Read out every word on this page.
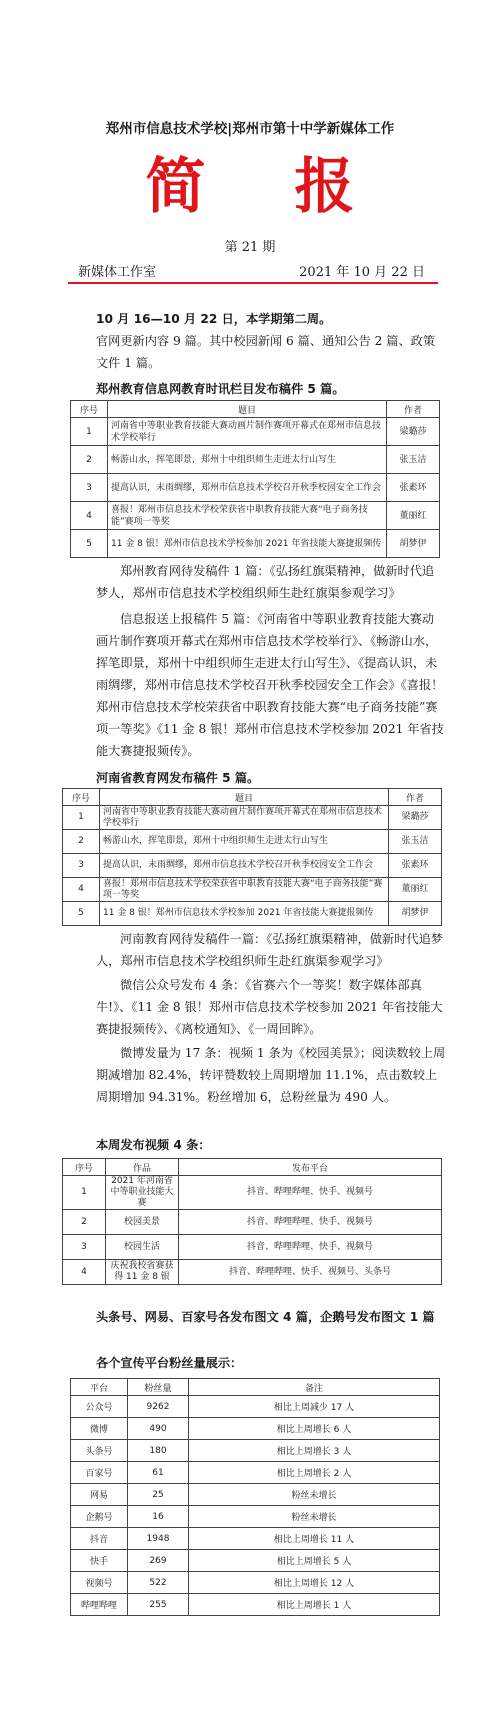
郑州市信息技术学校|郑州市第十中学新媒体工作
简 报
第 21 期
新媒体工作室	2021 年 10 月 22 日
10 月 16—10 月 22 日，本学期第二周。
官网更新内容 9 篇。其中校园新闻 6 篇、通知公告 2 篇、政策文件 1 篇。
郑州教育信息网教育时讯栏目发布稿件 5 篇。
序号	题目	作者
1	河南省中等职业教育技能大赛动画片制作赛项开幕式在郑州市信息技术学校举行	梁璐莎
2	畅游山水，挥笔即景，郑州十中组织师生走进太行山写生	张玉洁
3	提高认识，未雨绸缪，郑州市信息技术学校召开秋季校园安全工作会	张素环
4	喜报！郑州市信息技术学校荣获省中职教育技能大赛“电子商务技能”赛项一等奖	董丽红
5	11 金 8 银！郑州市信息技术学校参加 2021 年省技能大赛捷报频传	胡梦伊
郑州教育网待发稿件 1 篇：《弘扬红旗渠精神，做新时代追梦人，郑州市信息技术学校组织师生赴红旗渠参观学习》
信息报送上报稿件 5 篇：《河南省中等职业教育技能大赛动画片制作赛项开幕式在郑州市信息技术学校举行》、《畅游山水，挥笔即景，郑州十中组织师生走进太行山写生》、《提高认识，未雨绸缪，郑州市信息技术学校召开秋季校园安全工作会》《喜报！郑州市信息技术学校荣获省中职教育技能大赛“电子商务技能”赛项一等奖》《11 金 8 银！郑州市信息技术学校参加 2021 年省技能大赛捷报频传》。
河南省教育网发布稿件 5 篇。
序号	题目	作者
1	河南省中等职业教育技能大赛动画片制作赛项开幕式在郑州市信息技术学校举行	梁璐莎
2	畅游山水，挥笔即景，郑州十中组织师生走进太行山写生	张玉洁
3	提高认识，未雨绸缪，郑州市信息技术学校召开秋季校园安全工作会	张素环
4	喜报！郑州市信息技术学校荣获省中职教育技能大赛“电子商务技能”赛项一等奖	董丽红
5	11 金 8 银！郑州市信息技术学校参加 2021 年省技能大赛捷报频传	胡梦伊
河南教育网待发稿件一篇：《弘扬红旗渠精神，做新时代追梦人，郑州市信息技术学校组织师生赴红旗渠参观学习》
微信公众号发布 4 条：《省赛六个一等奖！数字媒体部真牛!》、《11 金 8 银！郑州市信息技术学校参加 2021 年省技能大赛捷报频传》、《离校通知》、《一周回眸》。
微博发量为 17 条：视频 1 条为《校园美景》；阅读数较上周期减增加 82.4%，转评赞数较上周期增加 11.1%，点击数较上周期增加 94.31%。粉丝增加 6，总粉丝量为 490 人。
本周发布视频 4 条：
序号	作品	发布平台
1	2021 年河南省中等职业技能大赛	抖音、哔哩哔哩、快手、视频号
2	校园美景	抖音、哔哩哔哩、快手、视频号
3	校园生活	抖音、哔哩哔哩、快手、视频号
4	庆祝我校省赛获得 11 金 8 银	抖音、哔哩哔哩、快手、视频号、头条号
头条号、网易、百家号各发布图文 4 篇，企鹅号发布图文 1 篇
各个宣传平台粉丝量展示：
平台	粉丝量	备注
公众号	9262	相比上周减少 17 人
微博	490	相比上周增长 6 人
头条号	180	相比上周增长 3 人
百家号	61	相比上周增长 2 人
网易	25	粉丝未增长
企鹅号	16	粉丝未增长
抖音	1948	相比上周增长 11 人
快手	269	相比上周增长 5 人
视频号	522	相比上周增长 12 人
哔哩哔哩	255	相比上周增长 1 人
